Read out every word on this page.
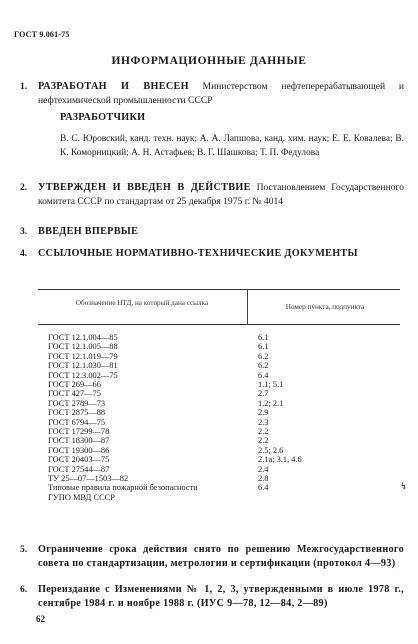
ГОСТ 9.061-75
ИНФОРМАЦИОННЫЕ ДАННЫЕ
1. РАЗРАБОТАН И ВНЕСЕН Министерством нефтеперерабатывающей и нефтехимической промышленности СССР
РАЗРАБОТЧИКИ
В. С. Юровский, канд. техн. наук; А. А. Лапшова, канд. хим. наук; Е. Е. Ковалева; В. К. Коморницкий; А. Н. Астафьев; В. Г. Шашкова; Т. П. Федулова
2. УТВЕРЖДЕН И ВВЕДЕН В ДЕЙСТВИЕ Постановлением Государственного комитета СССР по стандартам от 25 декабря 1975 г. № 4014
3. ВВЕДЕН ВПЕРВЫЕ
4. ССЫЛОЧНЫЕ НОРМАТИВНО-ТЕХНИЧЕСКИЕ ДОКУМЕНТЫ
Обозначение НТД, на который дана ссылка	Номер пункта, подпункта
ГОСТ 12.1.004—85	6.1
ГОСТ 12.1.005—88	6.1
ГОСТ 12.1.019—79	6.2
ГОСТ 12.1.030—81	6.2
ГОСТ 12.3.002—75	6.4
ГОСТ 269—66	1.1; 5.1
ГОСТ 427—75	2.7
ГОСТ 2789—73	1.2; 2.1
ГОСТ 2875—88	2.9
ГОСТ 6794—75	2.3
ГОСТ 17299—78	2.2
ГОСТ 18300—87	2.2
ГОСТ 19300—86	2.5; 2.6
ГОСТ 20403—75	2.1а; 3.1, 4.6
ГОСТ 27544—87	2.4
ТУ 25—07—1503—82	2.8
Типовые правила пожарной безопасности	6.4
ГУПО МВД СССР
↯
5. Ограничение срока действия снято по решению Межгосударственного совета по стандартизации, метрологии и сертификации (протокол 4—93)
6. Переиздание с Изменениями № 1, 2, 3, утвержденными в июле 1978 г., сентябре 1984 г. и ноябре 1988 г. (ИУС 9—78, 12—84, 2—89)
62
